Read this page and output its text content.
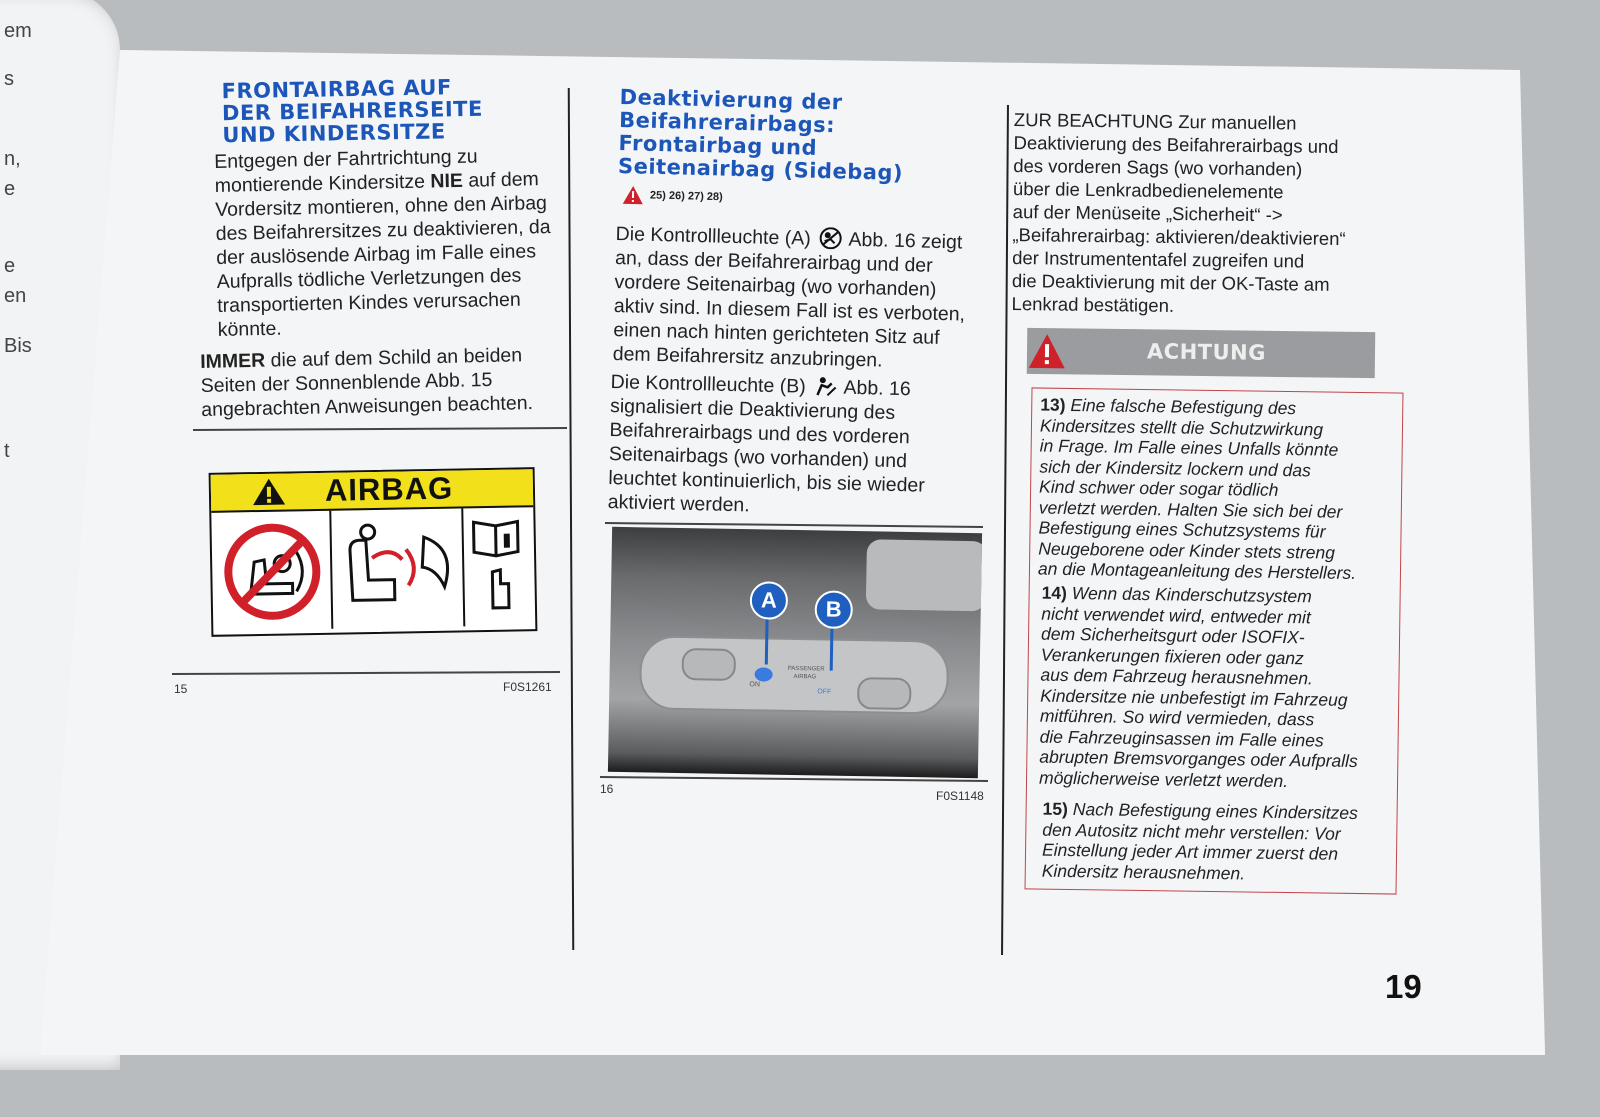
em
s
n,
e
e
en
Bis
t
FRONTAIRBAG AUF
DER BEIFAHRERSEITE
UND KINDERSITZE
Entgegen der Fahrtrichtung zu
montierende Kindersitze NIE auf dem
Vordersitz montieren, ohne den Airbag
des Beifahrersitzes zu deaktivieren, da
der auslösende Airbag im Falle eines
Aufpralls tödliche Verletzungen des
transportierten Kindes verursachen
könnte.
IMMER die auf dem Schild an beiden
Seiten der Sonnenblende Abb. 15
angebrachten Anweisungen beachten.
AIRBAG
15	F0S1261
Deaktivierung der
Beifahrerairbags:
Frontairbag und
Seitenairbag (Sidebag)
25) 26) 27) 28)
Die Kontrollleuchte (A) Abb. 16 zeigt
an, dass der Beifahrerairbag und der
vordere Seitenairbag (wo vorhanden)
aktiv sind. In diesem Fall ist es verboten,
einen nach hinten gerichteten Sitz auf
dem Beifahrersitz anzubringen.
Die Kontrollleuchte (B) Abb. 16
signalisiert die Deaktivierung des
Beifahrerairbags und des vorderen
Seitenairbags (wo vorhanden) und
leuchtet kontinuierlich, bis sie wieder
aktiviert werden.
ON
PASSENGER
AIRBAG
OFF
A	B
16	F0S1148
ZUR BEACHTUNG Zur manuellen
Deaktivierung des Beifahrerairbags und
des vorderen Sags (wo vorhanden)
über die Lenkradbedienelemente
auf der Menüseite „Sicherheit“ ->
„Beifahrerairbag: aktivieren/deaktivieren“
der Instrumententafel zugreifen und
die Deaktivierung mit der OK-Taste am
Lenkrad bestätigen.
ACHTUNG
13) Eine falsche Befestigung des
Kindersitzes stellt die Schutzwirkung
in Frage. Im Falle eines Unfalls könnte
sich der Kindersitz lockern und das
Kind schwer oder sogar tödlich
verletzt werden. Halten Sie sich bei der
Befestigung eines Schutzsystems für
Neugeborene oder Kinder stets streng
an die Montageanleitung des Herstellers.
14) Wenn das Kinderschutzsystem
nicht verwendet wird, entweder mit
dem Sicherheitsgurt oder ISOFIX-
Verankerungen fixieren oder ganz
aus dem Fahrzeug herausnehmen.
Kindersitze nie unbefestigt im Fahrzeug
mitführen. So wird vermieden, dass
die Fahrzeuginsassen im Falle eines
abrupten Bremsvorganges oder Aufpralls
möglicherweise verletzt werden.
15) Nach Befestigung eines Kindersitzes
den Autositz nicht mehr verstellen: Vor
Einstellung jeder Art immer zuerst den
Kindersitz herausnehmen.
19
